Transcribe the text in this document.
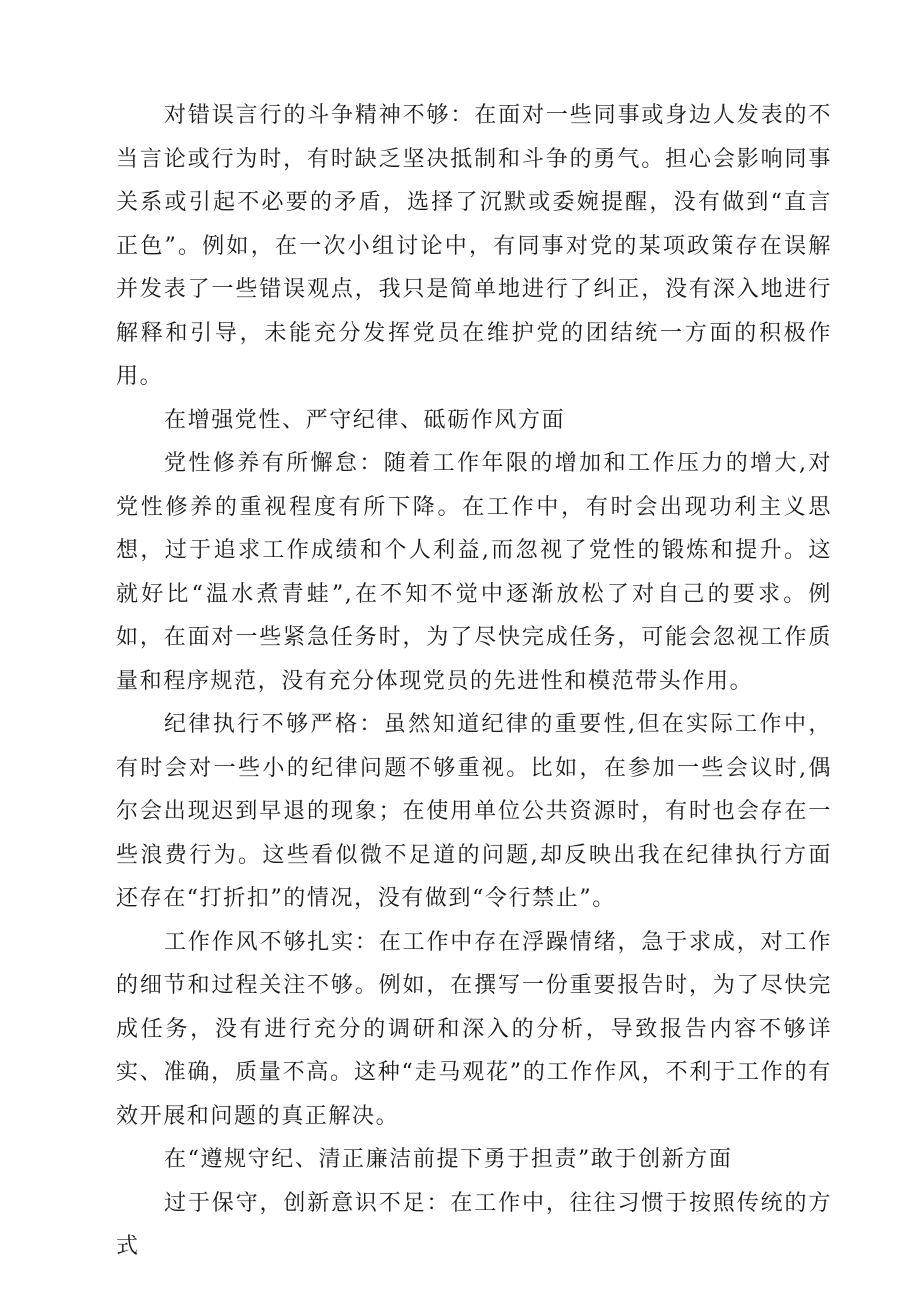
对错误言行的斗争精神不够：在面对一些同事或身边人发表的不当言论或行为时，有时缺乏坚决抵制和斗争的勇气。担心会影响同事关系或引起不必要的矛盾，选择了沉默或委婉提醒，没有做到“直言正色”。例如，在一次小组讨论中，有同事对党的某项政策存在误解并发表了一些错误观点，我只是简单地进行了纠正，没有深入地进行解释和引导，未能充分发挥党员在维护党的团结统一方面的积极作用。

在增强党性、严守纪律、砥砺作风方面

党性修养有所懈怠：随着工作年限的增加和工作压力的增大,对党性修养的重视程度有所下降。在工作中，有时会出现功利主义思想，过于追求工作成绩和个人利益,而忽视了党性的锻炼和提升。这就好比“温水煮青蛙”,在不知不觉中逐渐放松了对自己的要求。例如，在面对一些紧急任务时，为了尽快完成任务，可能会忽视工作质量和程序规范，没有充分体现党员的先进性和模范带头作用。

纪律执行不够严格：虽然知道纪律的重要性,但在实际工作中，有时会对一些小的纪律问题不够重视。比如，在参加一些会议时,偶尔会出现迟到早退的现象；在使用单位公共资源时，有时也会存在一些浪费行为。这些看似微不足道的问题,却反映出我在纪律执行方面还存在“打折扣”的情况，没有做到“令行禁止”。

工作作风不够扎实：在工作中存在浮躁情绪，急于求成，对工作的细节和过程关注不够。例如，在撰写一份重要报告时，为了尽快完成任务，没有进行充分的调研和深入的分析，导致报告内容不够详实、准确，质量不高。这种“走马观花”的工作作风，不利于工作的有效开展和问题的真正解决。

在“遵规守纪、清正廉洁前提下勇于担责”敢于创新方面

过于保守，创新意识不足：在工作中，往往习惯于按照传统的方式
